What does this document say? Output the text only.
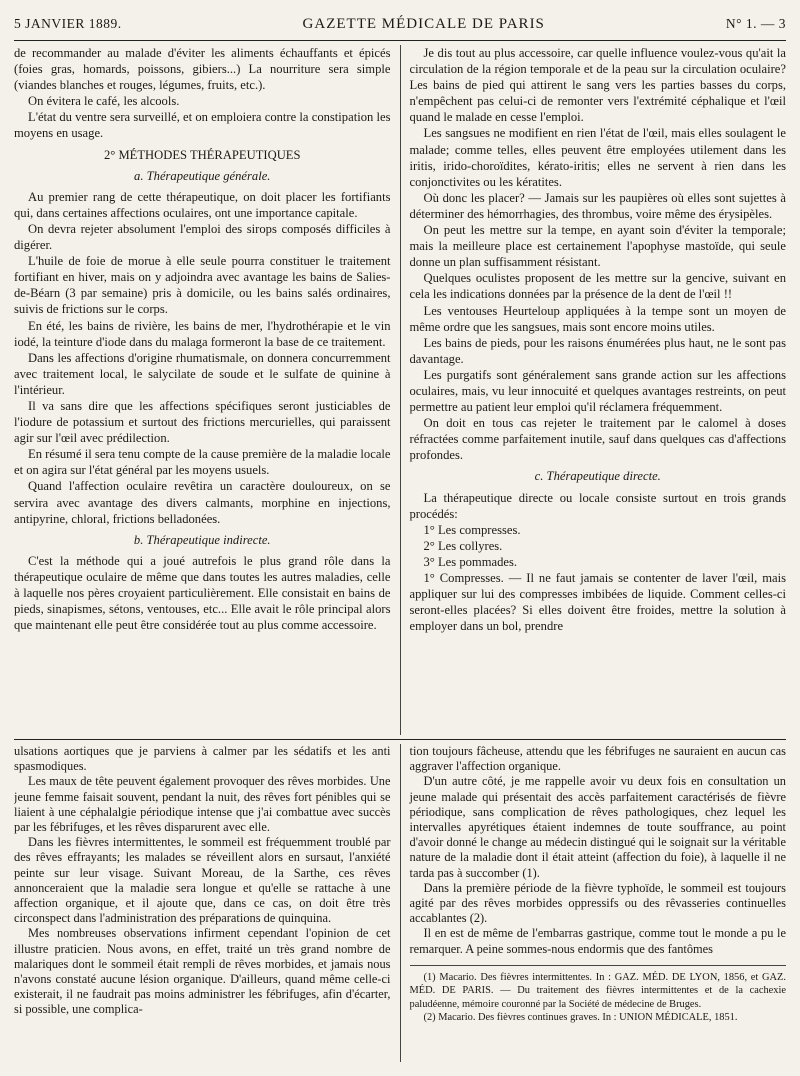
5 JANVIER 1889.	GAZETTE MÉDICALE DE PARIS	N° 1. — 3

de recommander au malade d'éviter les aliments échauffants et épicés (foies gras, homards, poissons, gibiers...) La nourriture sera simple (viandes blanches et rouges, légumes, fruits, etc.).

On évitera le café, les alcools.

L'état du ventre sera surveillé, et on emploiera contre la constipation les moyens en usage.

2° MÉTHODES THÉRAPEUTIQUES

a. Thérapeutique générale.

Au premier rang de cette thérapeutique, on doit placer les fortifiants qui, dans certaines affections oculaires, ont une importance capitale.

On devra rejeter absolument l'emploi des sirops composés difficiles à digérer.

L'huile de foie de morue à elle seule pourra constituer le traitement fortifiant en hiver, mais on y adjoindra avec avantage les bains de Salies-de-Béarn (3 par semaine) pris à domicile, ou les bains salés ordinaires, suivis de frictions sur le corps.

En été, les bains de rivière, les bains de mer, l'hydrothérapie et le vin iodé, la teinture d'iode dans du malaga formeront la base de ce traitement.

Dans les affections d'origine rhumatismale, on donnera concurremment avec traitement local, le salycilate de soude et le sulfate de quinine à l'intérieur.

Il va sans dire que les affections spécifiques seront justiciables de l'iodure de potassium et surtout des frictions mercurielles, qui paraissent agir sur l'œil avec prédilection.

En résumé il sera tenu compte de la cause première de la maladie locale et on agira sur l'état général par les moyens usuels.

Quand l'affection oculaire revêtira un caractère douloureux, on se servira avec avantage des divers calmants, morphine en injections, antipyrine, chloral, frictions belladonées.

b. Thérapeutique indirecte.

C'est la méthode qui a joué autrefois le plus grand rôle dans la thérapeutique oculaire de même que dans toutes les autres maladies, celle à laquelle nos pères croyaient particulièrement. Elle consistait en bains de pieds, sinapismes, sétons, ventouses, etc... Elle avait le rôle principal alors que maintenant elle peut être considérée tout au plus comme accessoire.

Je dis tout au plus accessoire, car quelle influence voulez-vous qu'ait la circulation de la région temporale et de la peau sur la circulation oculaire? Les bains de pied qui attirent le sang vers les parties basses du corps, n'empêchent pas celui-ci de remonter vers l'extrémité céphalique et l'œil quand le malade en cesse l'emploi.

Les sangsues ne modifient en rien l'état de l'œil, mais elles soulagent le malade; comme telles, elles peuvent être employées utilement dans les iritis, irido-choroïdites, kérato-iritis; elles ne servent à rien dans les conjonctivites ou les kératites.

Où donc les placer? — Jamais sur les paupières où elles sont sujettes à déterminer des hémorrhagies, des thrombus, voire même des érysipèles.

On peut les mettre sur la tempe, en ayant soin d'éviter la temporale; mais la meilleure place est certainement l'apophyse mastoïde, qui seule donne un plan suffisamment résistant.

Quelques oculistes proposent de les mettre sur la gencive, suivant en cela les indications données par la présence de la dent de l'œil !!

Les ventouses Heurteloup appliquées à la tempe sont un moyen de même ordre que les sangsues, mais sont encore moins utiles.

Les bains de pieds, pour les raisons énumérées plus haut, ne le sont pas davantage.

Les purgatifs sont généralement sans grande action sur les affections oculaires, mais, vu leur innocuité et quelques avantages restreints, on peut permettre au patient leur emploi qu'il réclamera fréquemment.

On doit en tous cas rejeter le traitement par le calomel à doses réfractées comme parfaitement inutile, sauf dans quelques cas d'affections profondes.

c. Thérapeutique directe.

La thérapeutique directe ou locale consiste surtout en trois grands procédés:

1° Les compresses.

2° Les collyres.

3° Les pommades.

1° Compresses. — Il ne faut jamais se contenter de laver l'œil, mais appliquer sur lui des compresses imbibées de liquide. Comment celles-ci seront-elles placées? Si elles doivent être froides, mettre la solution à employer dans un bol, prendre

ulsations aortiques que je parviens à calmer par les sédatifs et les anti spasmodiques.

Les maux de tête peuvent également provoquer des rêves morbides. Une jeune femme faisait souvent, pendant la nuit, des rêves fort pénibles qui se liaient à une céphalalgie périodique intense que j'ai combattue avec succès par les fébrifuges, et les rêves disparurent avec elle.

Dans les fièvres intermittentes, le sommeil est fréquemment troublé par des rêves effrayants; les malades se réveillent alors en sursaut, l'anxiété peinte sur leur visage. Suivant Moreau, de la Sarthe, ces rêves annonceraient que la maladie sera longue et qu'elle se rattache à une affection organique, et il ajoute que, dans ce cas, on doit être très circonspect dans l'administration des préparations de quinquina.

Mes nombreuses observations infirment cependant l'opinion de cet illustre praticien. Nous avons, en effet, traité un très grand nombre de malariques dont le sommeil était rempli de rêves morbides, et jamais nous n'avons constaté aucune lésion organique. D'ailleurs, quand même celle-ci existerait, il ne faudrait pas moins administrer les fébrifuges, afin d'écarter, si possible, une complica-

tion toujours fâcheuse, attendu que les fébrifuges ne sauraient en aucun cas aggraver l'affection organique.

D'un autre côté, je me rappelle avoir vu deux fois en consultation un jeune malade qui présentait des accès parfaitement caractérisés de fièvre périodique, sans complication de rêves pathologiques, chez lequel les intervalles apyrétiques étaient indemnes de toute souffrance, au point d'avoir donné le change au médecin distingué qui le soignait sur la véritable nature de la maladie dont il était atteint (affection du foie), à laquelle il ne tarda pas à succomber (1).

Dans la première période de la fièvre typhoïde, le sommeil est toujours agité par des rêves morbides oppressifs ou des rêvasseries continuelles accablantes (2).

Il en est de même de l'embarras gastrique, comme tout le monde a pu le remarquer. A peine sommes-nous endormis que des fantômes

(1) Macario. Des fièvres intermittentes. In : GAZ. MÉD. DE LYON, 1856, et GAZ. MÉD. DE PARIS. — Du traitement des fièvres intermittentes et de la cachexie paludéenne, mémoire couronné par la Société de médecine de Bruges.

(2) Macario. Des fièvres continues graves. In : UNION MÉDICALE, 1851.
